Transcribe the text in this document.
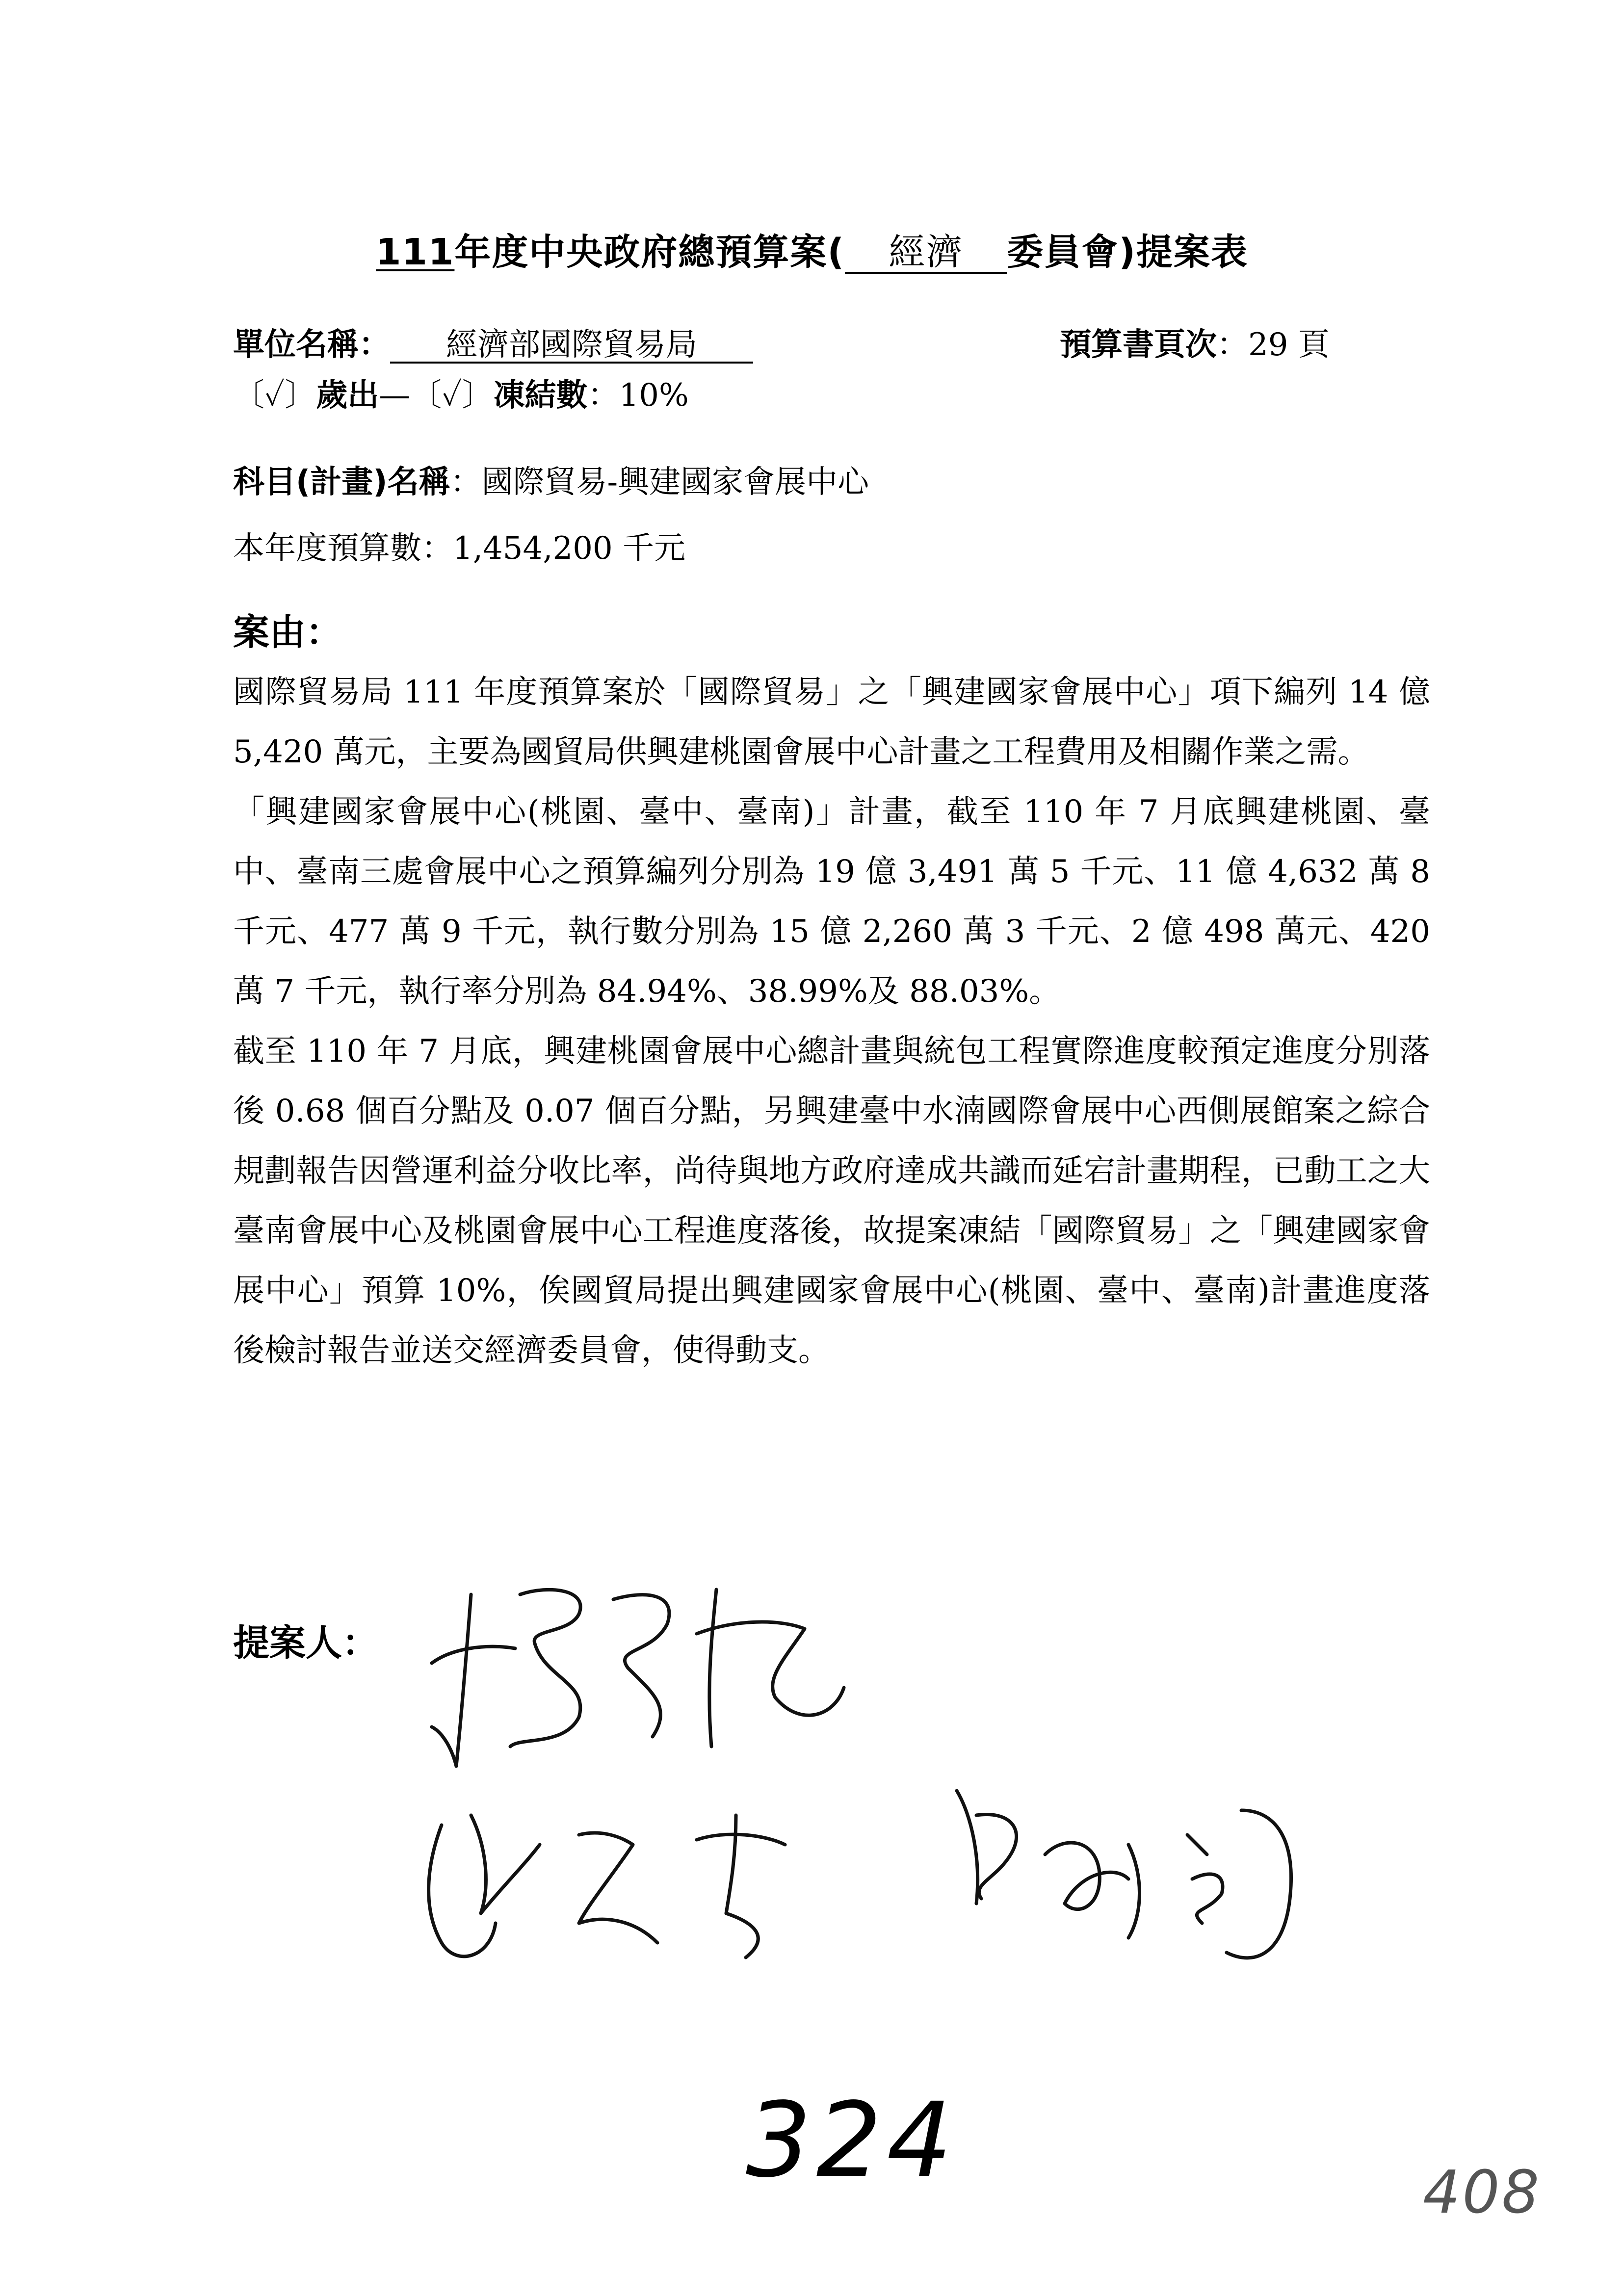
111年度中央政府總預算案( 經濟 委員會)提案表
單位名稱： 經濟部國際貿易局	預算書頁次：29 頁
〔✓〕歲出—〔✓〕凍結數：10%
科目(計畫)名稱：國際貿易-興建國家會展中心
本年度預算數：1,454,200 千元
案由：

國際貿易局 111 年度預算案於「國際貿易」之「興建國家會展中心」項下編列 14 億 5,420 萬元，主要為國貿局供興建桃園會展中心計畫之工程費用及相關作業之需。

「興建國家會展中心(桃園、臺中、臺南)」計畫，截至 110 年 7 月底興建桃園、臺中、臺南三處會展中心之預算編列分別為 19 億 3,491 萬 5 千元、11 億 4,632 萬 8 千元、477 萬 9 千元，執行數分別為 15 億 2,260 萬 3 千元、2 億 498 萬元、420 萬 7 千元，執行率分別為 84.94%、38.99%及 88.03%。

截至 110 年 7 月底，興建桃園會展中心總計畫與統包工程實際進度較預定進度分別落後 0.68 個百分點及 0.07 個百分點，另興建臺中水湳國際會展中心西側展館案之綜合規劃報告因營運利益分收比率，尚待與地方政府達成共識而延宕計畫期程，已動工之大臺南會展中心及桃園會展中心工程進度落後，故提案凍結「國際貿易」之「興建國家會展中心」預算 10%，俟國貿局提出興建國家會展中心(桃園、臺中、臺南)計畫進度落後檢討報告並送交經濟委員會，使得動支。

提案人：
324	408
